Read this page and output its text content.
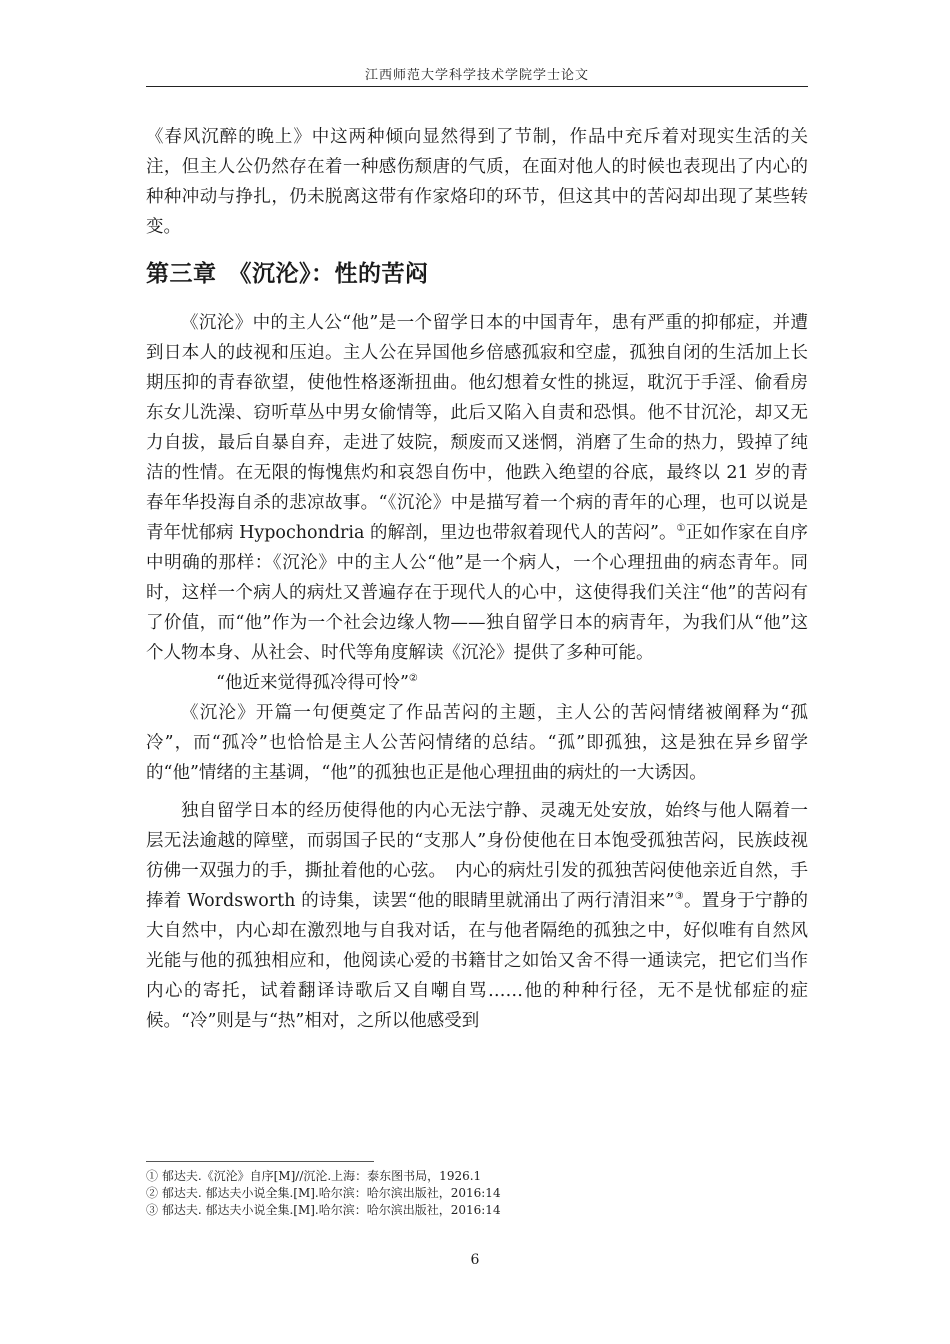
江西师范大学科学技术学院学士论文

《春风沉醉的晚上》中这两种倾向显然得到了节制，作品中充斥着对现实生活的关注，但主人公仍然存在着一种感伤颓唐的气质，在面对他人的时候也表现出了内心的种种冲动与挣扎，仍未脱离这带有作家烙印的环节，但这其中的苦闷却出现了某些转变。

第三章　《沉沦》：性的苦闷

《沉沦》中的主人公“他”是一个留学日本的中国青年，患有严重的抑郁症，并遭到日本人的歧视和压迫。主人公在异国他乡倍感孤寂和空虚，孤独自闭的生活加上长期压抑的青春欲望，使他性格逐渐扭曲。他幻想着女性的挑逗，耽沉于手淫、偷看房东女儿洗澡、窃听草丛中男女偷情等，此后又陷入自责和恐惧。他不甘沉沦，却又无力自拔，最后自暴自弃，走进了妓院，颓废而又迷惘，消磨了生命的热力，毁掉了纯洁的性情。在无限的悔愧焦灼和哀怨自伤中，他跌入绝望的谷底，最终以 21 岁的青春年华投海自杀的悲凉故事。“《沉沦》中是描写着一个病的青年的心理，也可以说是青年忧郁病 Hypochondria 的解剖，里边也带叙着现代人的苦闷”。①正如作家在自序中明确的那样：《沉沦》中的主人公“他”是一个病人，一个心理扭曲的病态青年。同时，这样一个病人的病灶又普遍存在于现代人的心中，这使得我们关注“他”的苦闷有了价值，而“他”作为一个社会边缘人物——独自留学日本的病青年，为我们从“他”这个人物本身、从社会、时代等角度解读《沉沦》提供了多种可能。

“他近来觉得孤冷得可怜”②

《沉沦》开篇一句便奠定了作品苦闷的主题，主人公的苦闷情绪被阐释为“孤冷”，而“孤冷”也恰恰是主人公苦闷情绪的总结。“孤”即孤独，这是独在异乡留学的“他”情绪的主基调，“他”的孤独也正是他心理扭曲的病灶的一大诱因。

独自留学日本的经历使得他的内心无法宁静、灵魂无处安放，始终与他人隔着一层无法逾越的障壁，而弱国子民的“支那人”身份使他在日本饱受孤独苦闷，民族歧视彷佛一双强力的手，撕扯着他的心弦。　内心的病灶引发的孤独苦闷使他亲近自然，手捧着 Wordsworth 的诗集，读罢“他的眼睛里就涌出了两行清泪来”③。置身于宁静的大自然中，内心却在激烈地与自我对话，在与他者隔绝的孤独之中，好似唯有自然风光能与他的孤独相应和，他阅读心爱的书籍甘之如饴又舍不得一通读完，把它们当作内心的寄托，试着翻译诗歌后又自嘲自骂……他的种种行径，无不是忧郁症的症候。“冷”则是与“热”相对，之所以他感受到

① 郁达夫.《沉沦》自序[M]//沉沦.上海：泰东图书局，1926.1
② 郁达夫. 郁达夫小说全集.[M].哈尔滨：哈尔滨出版社，2016:14
③ 郁达夫. 郁达夫小说全集.[M].哈尔滨：哈尔滨出版社，2016:14
6
